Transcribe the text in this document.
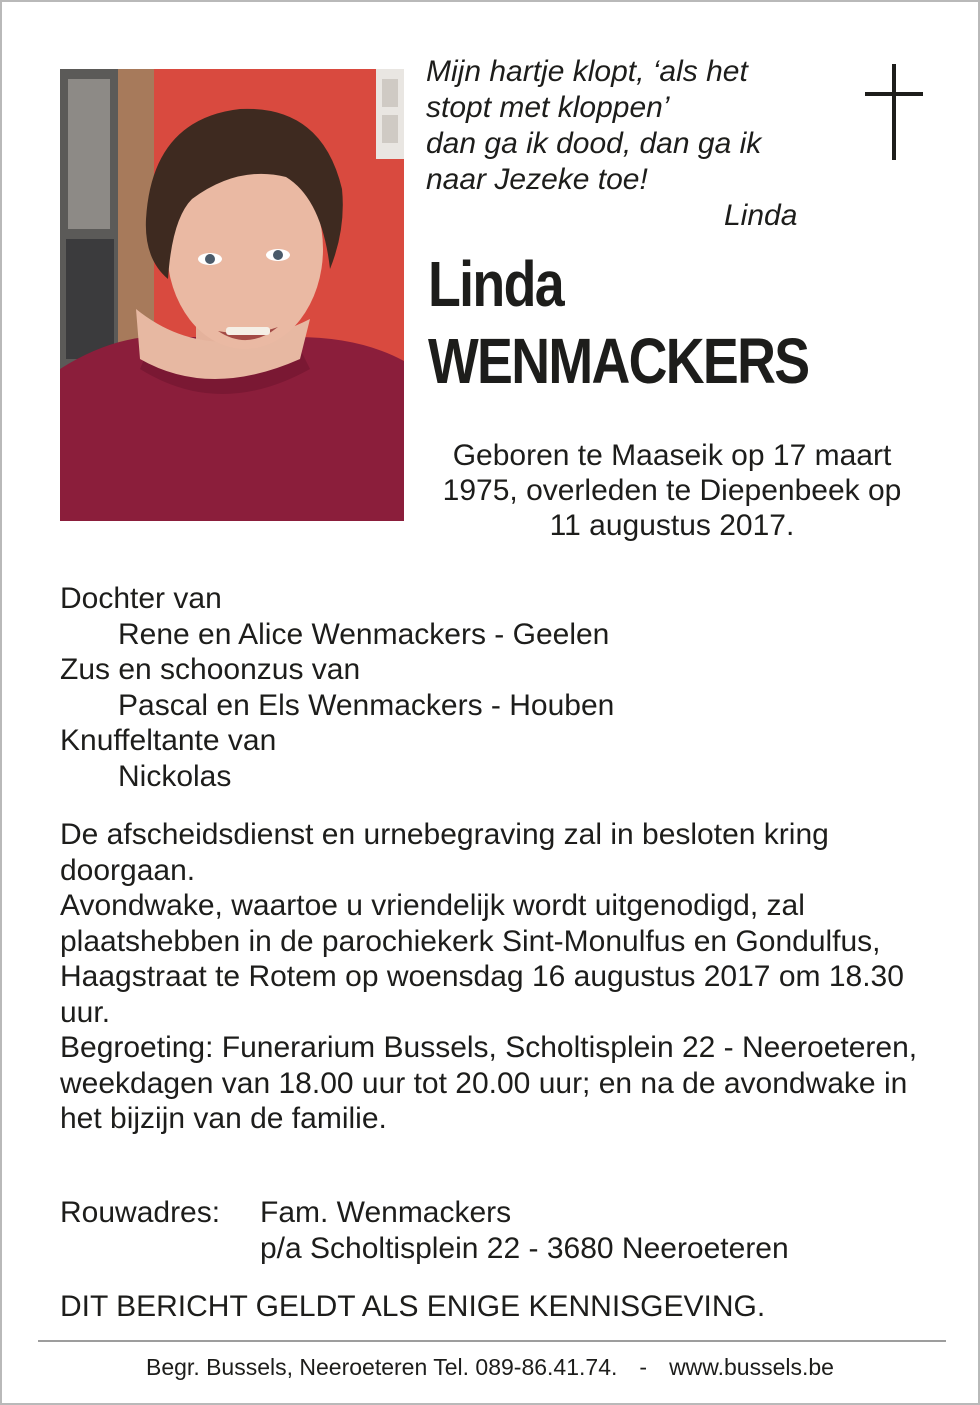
Mijn hartje klopt, ‘als het
stopt met kloppen’
dan ga ik dood, dan ga ik
naar Jezeke toe!
Linda
Linda
WENMACKERS
Geboren te Maaseik op 17 maart
1975, overleden te Diepenbeek op
11 augustus 2017.
Dochter van
Rene en Alice Wenmackers - Geelen
Zus en schoonzus van
Pascal en Els Wenmackers - Houben
Knuffeltante van
Nickolas

De afscheidsdienst en urnebegraving zal in besloten kring doorgaan.

Avondwake, waartoe u vriendelijk wordt uitgenodigd, zal plaatshebben in de parochiekerk Sint-Monulfus en Gondulfus, Haagstraat te Rotem op woensdag 16 augustus 2017 om 18.30 uur.

Begroeting: Funerarium Bussels, Scholtisplein 22 - Neeroeteren,

weekdagen van 18.00 uur tot 20.00 uur; en na de avondwake in het bijzijn van de familie.

Rouwadres: Fam. Wenmackers
p/a Scholtisplein 22 - 3680 Neeroeteren
DIT BERICHT GELDT ALS ENIGE KENNISGEVING.
Begr. Bussels, Neeroeteren Tel. 089-86.41.74. - www.bussels.be
